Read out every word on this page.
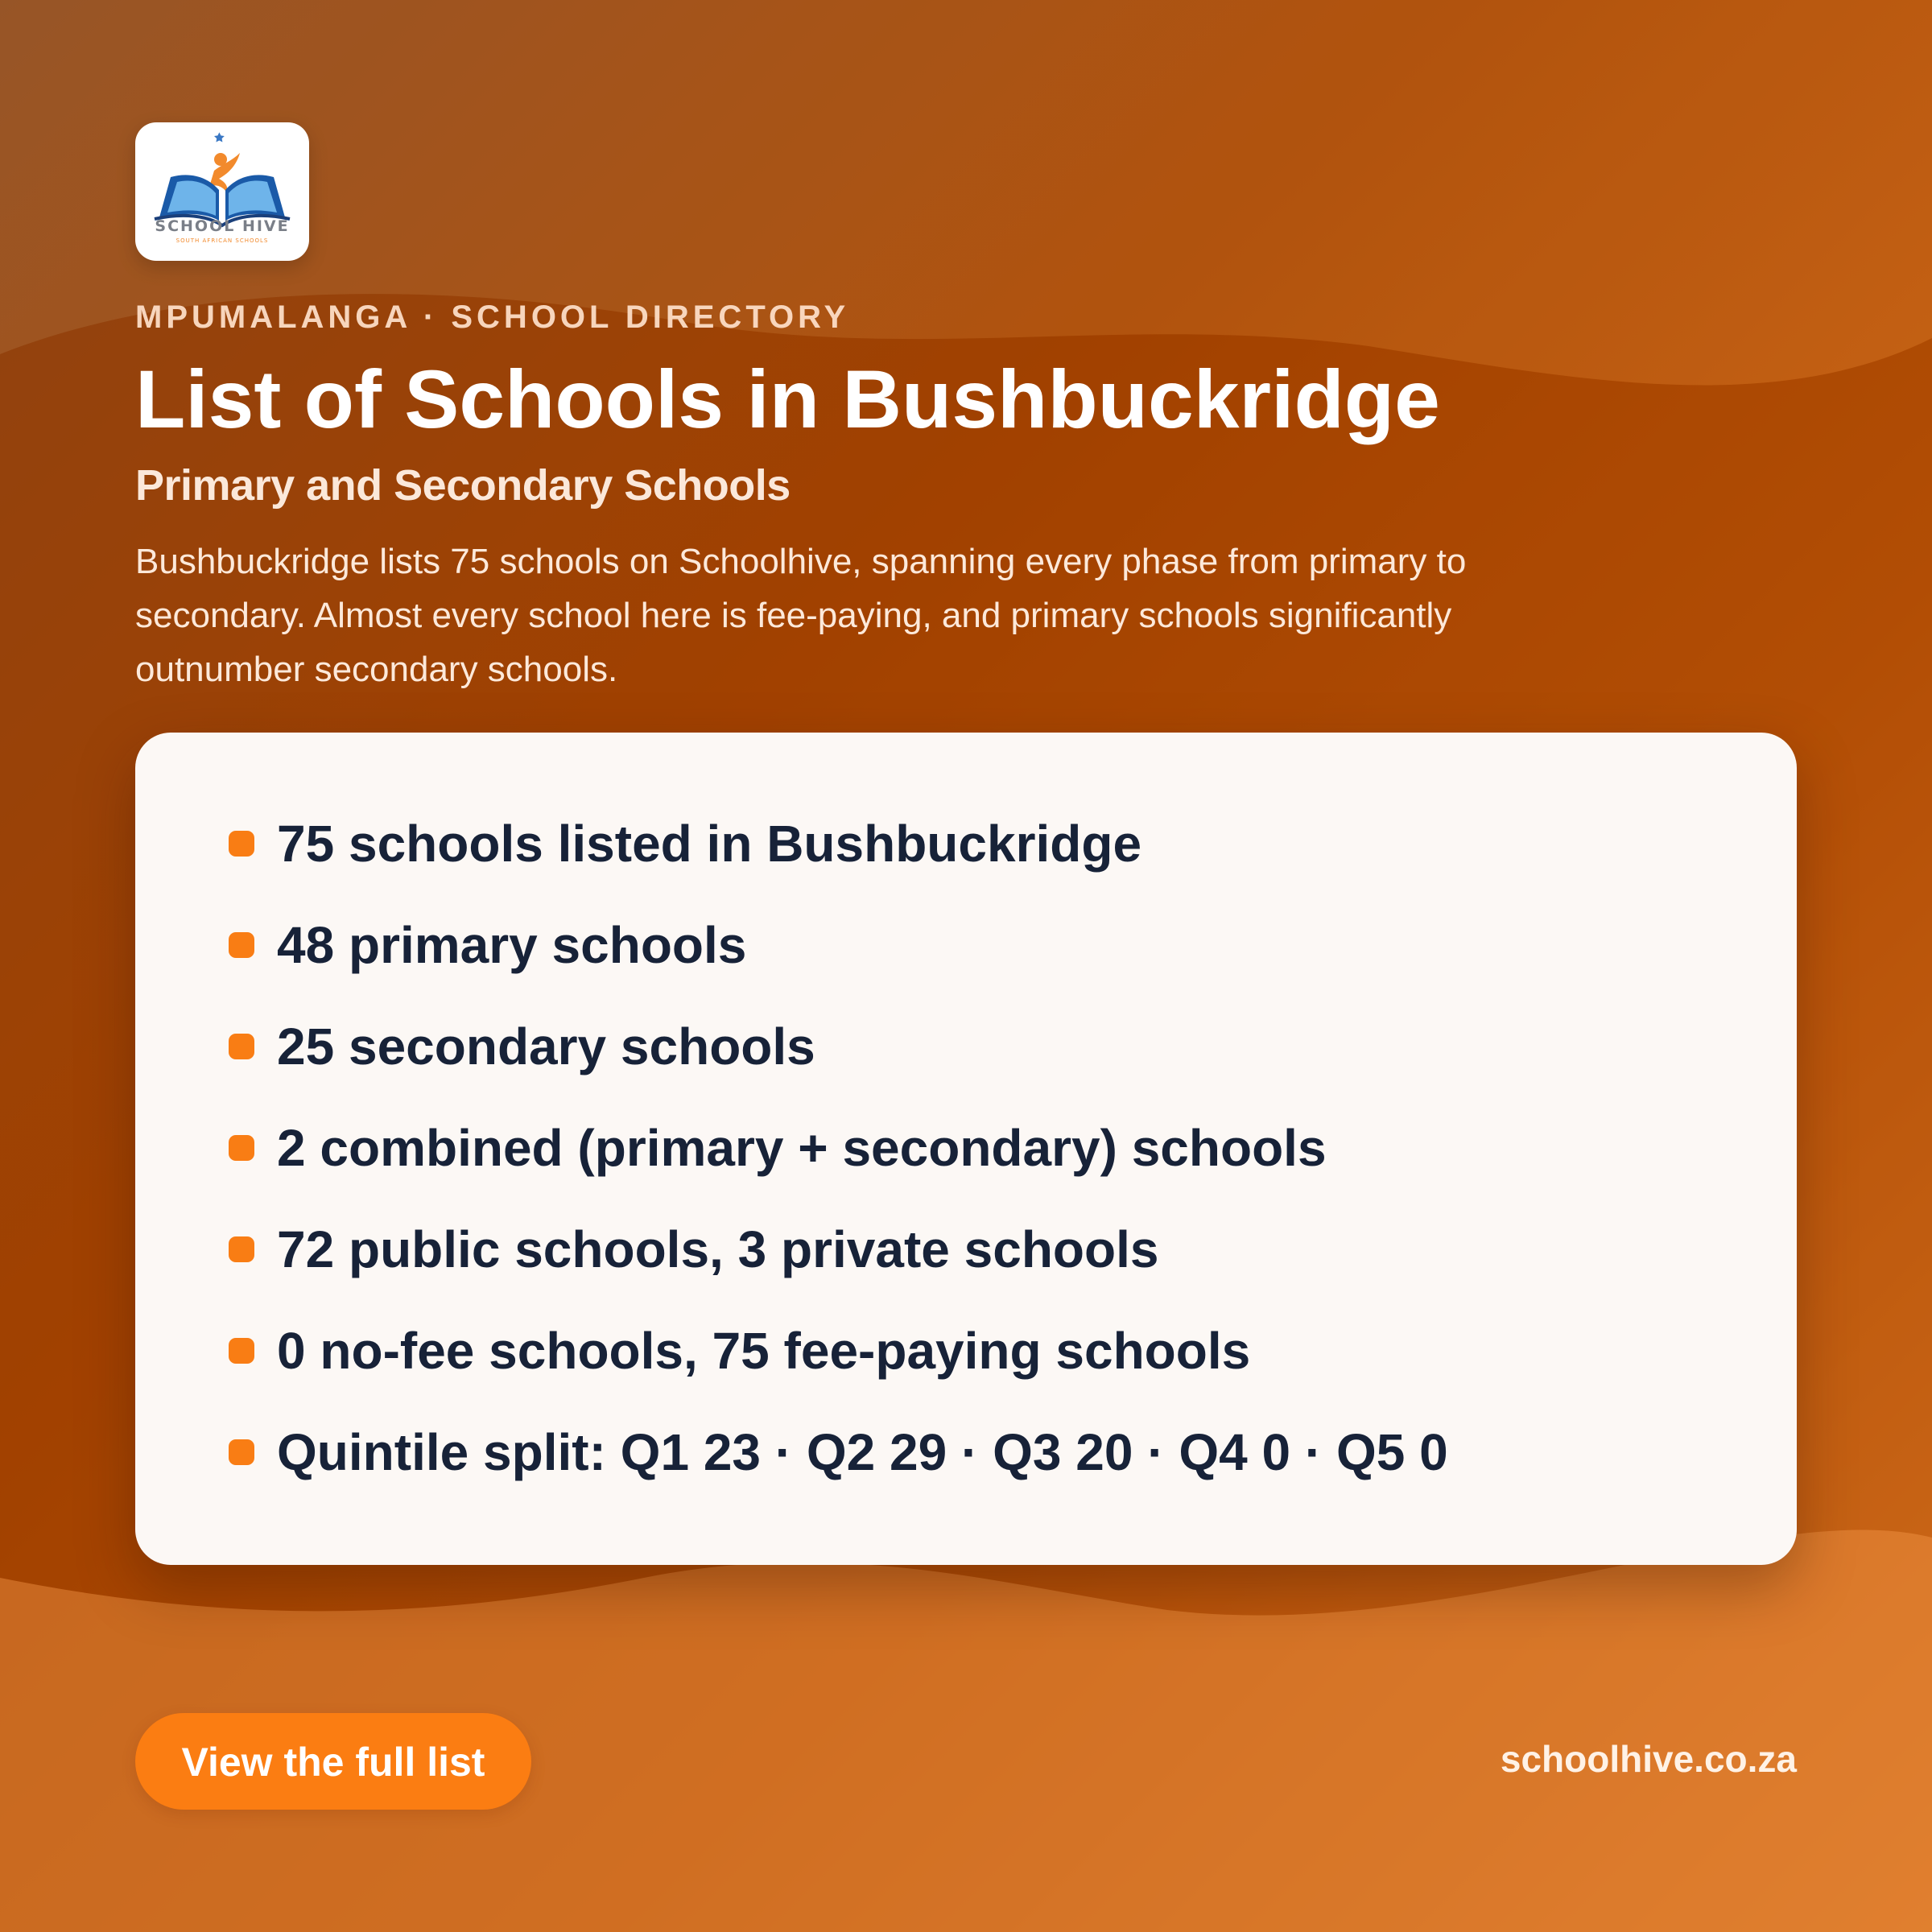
SCHOOL HIVE
SOUTH AFRICAN SCHOOLS
MPUMALANGA · SCHOOL DIRECTORY
List of Schools in Bushbuckridge
Primary and Secondary Schools

Bushbuckridge lists 75 schools on Schoolhive, spanning every phase from primary to secondary. Almost every school here is fee-paying, and primary schools significantly outnumber secondary schools.

75 schools listed in Bushbuckridge
48 primary schools
25 secondary schools
2 combined (primary + secondary) schools
72 public schools, 3 private schools
0 no-fee schools, 75 fee-paying schools
Quintile split: Q1 23 · Q2 29 · Q3 20 · Q4 0 · Q5 0
View the full list	schoolhive.co.za
